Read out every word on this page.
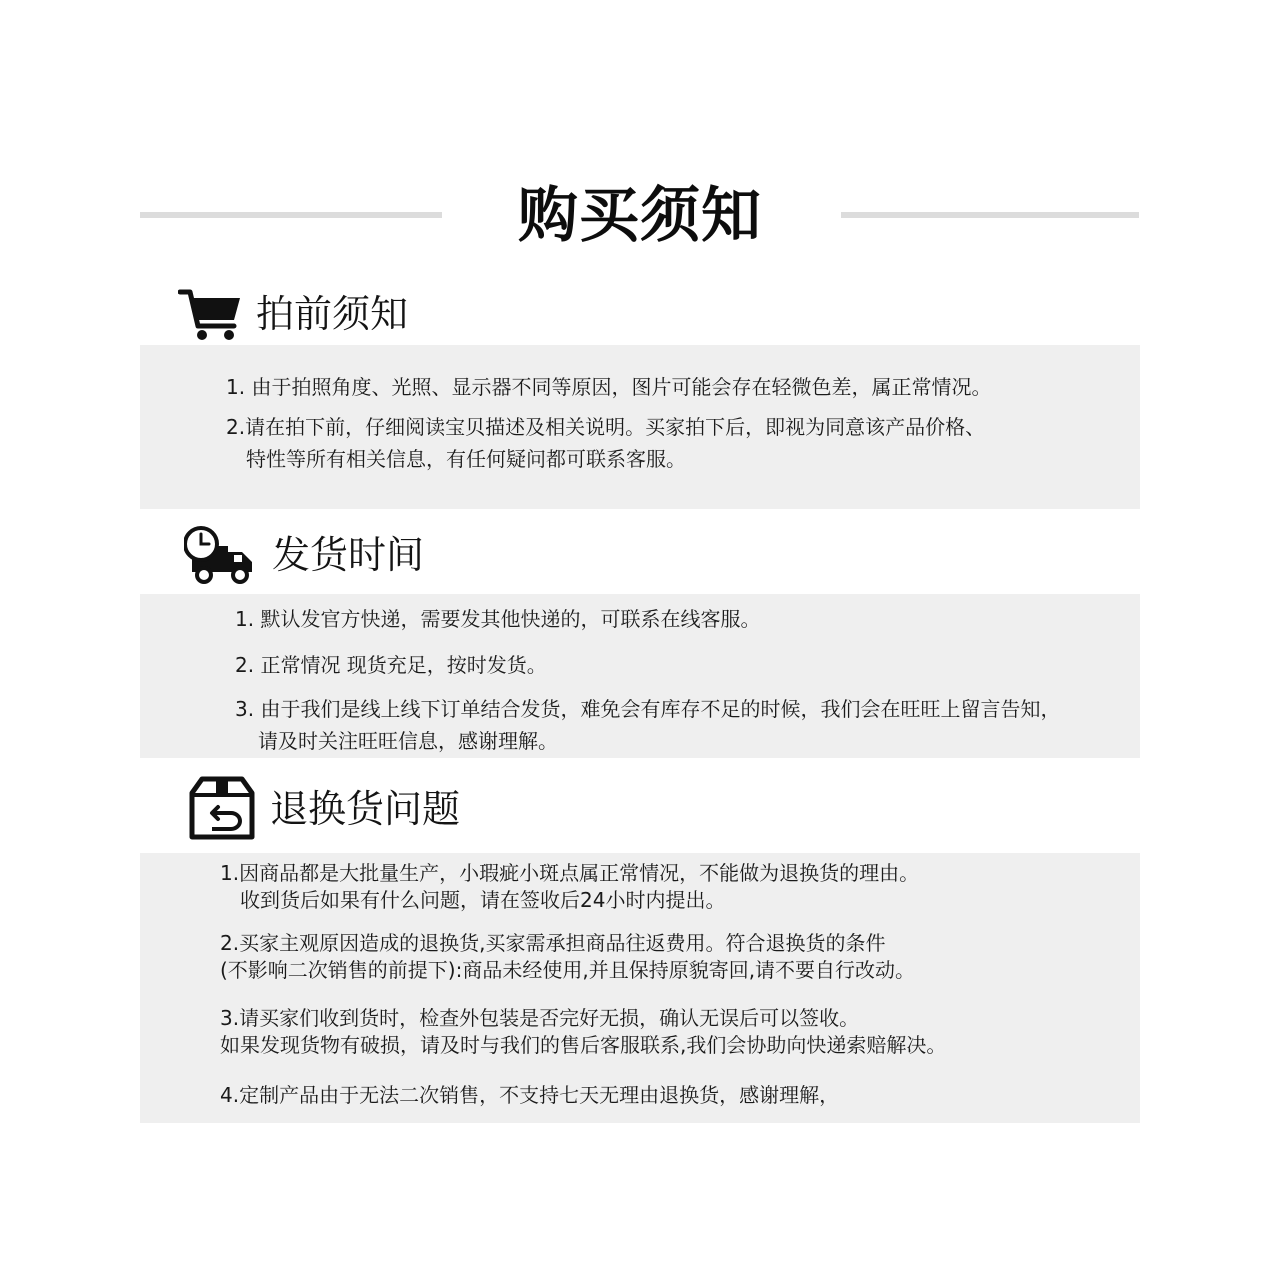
购买须知
拍前须知
1. 由于拍照角度、光照、显示器不同等原因，图片可能会存在轻微色差，属正常情况。
2.请在拍下前，仔细阅读宝贝描述及相关说明。买家拍下后，即视为同意该产品价格、
特性等所有相关信息，有任何疑问都可联系客服。
发货时间
1. 默认发官方快递，需要发其他快递的，可联系在线客服。
2. 正常情况 现货充足，按时发货。
3. 由于我们是线上线下订单结合发货，难免会有库存不足的时候，我们会在旺旺上留言告知，
请及时关注旺旺信息，感谢理解。
退换货问题
1.因商品都是大批量生产，小瑕疵小斑点属正常情况，不能做为退换货的理由。
收到货后如果有什么问题，请在签收后24小时内提出。
2.买家主观原因造成的退换货,买家需承担商品往返费用。符合退换货的条件
(不影响二次销售的前提下):商品未经使用,并且保持原貌寄回,请不要自行改动。
3.请买家们收到货时，检查外包装是否完好无损，确认无误后可以签收。
如果发现货物有破损，请及时与我们的售后客服联系,我们会协助向快递索赔解决。
4.定制产品由于无法二次销售，不支持七天无理由退换货，感谢理解，
